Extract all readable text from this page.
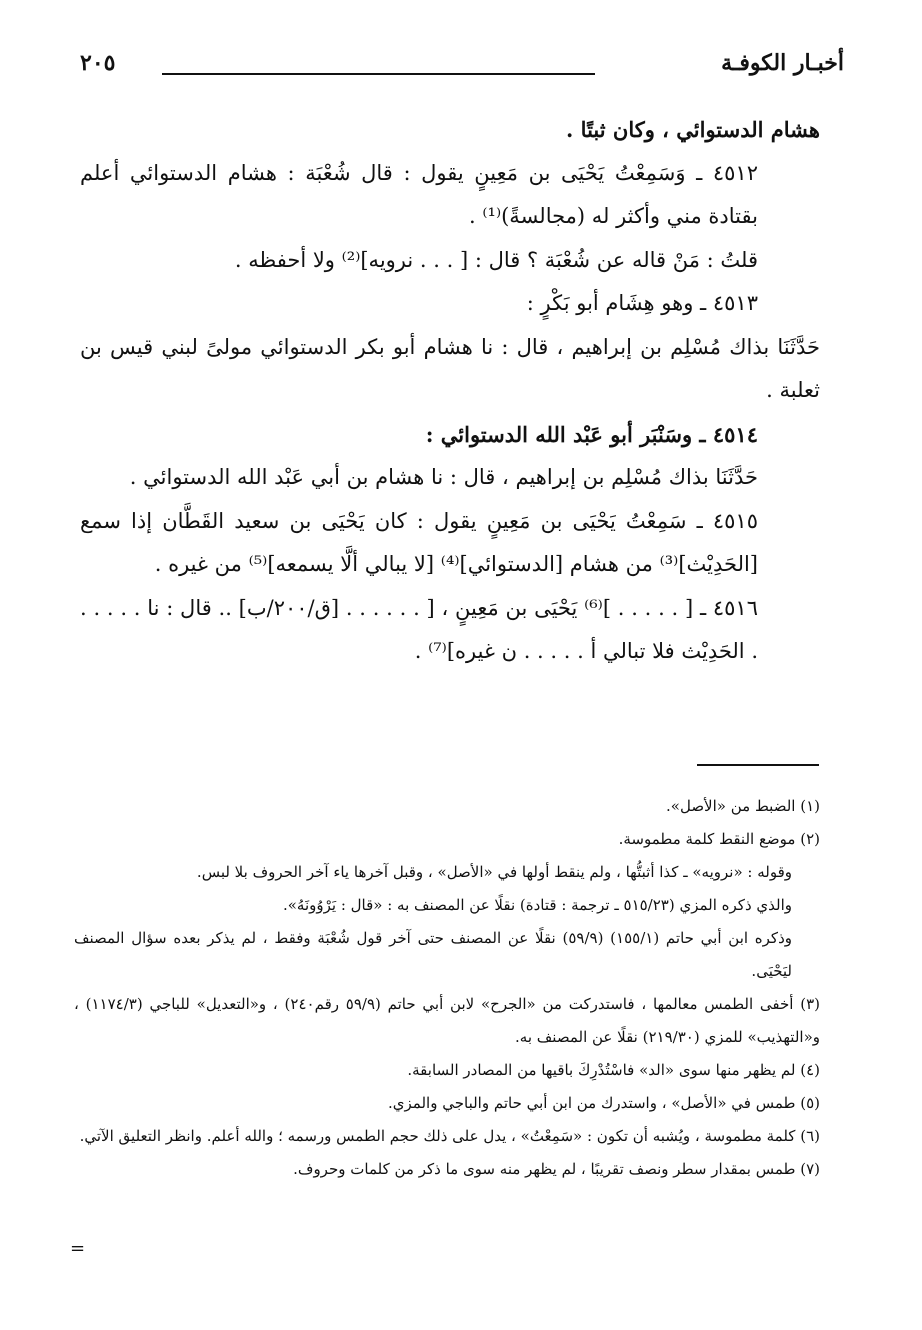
أخبـار الكوفـة
٢٠٥

هشام الدستوائي ، وكان ثبتًا .

٤٥١٢ ـ وَسَمِعْتُ يَحْيَى بن مَعِينٍ يقول : قال شُعْبَة : هشام الدستوائي أعلم بقتادة مني وأكثر له (مجالسةً)⁽¹⁾ .

قلتُ : مَنْ قاله عن شُعْبَة ؟ قال : [ . . . نرويه]⁽²⁾ ولا أحفظه .

٤٥١٣ ـ وهو هِشَام أبو بَكْرٍ :

حَدَّثَنَا بذاك مُسْلِم بن إبراهيم ، قال : نا هشام أبو بكر الدستوائي مولىً لبني قيس بن ثعلبة .

٤٥١٤ ـ وسَنْبَر أبو عَبْد الله الدستوائي :

حَدَّثَنَا بذاك مُسْلِم بن إبراهيم ، قال : نا هشام بن أبي عَبْد الله الدستوائي .

٤٥١٥ ـ سَمِعْتُ يَحْيَى بن مَعِينٍ يقول : كان يَحْيَى بن سعيد القَطَّان إذا سمع [الحَدِيْث]⁽³⁾ من هشام [الدستوائي]⁽⁴⁾ [لا يبالي ألَّا يسمعه]⁽⁵⁾ من غيره .

٤٥١٦ ـ [ . . . . . ]⁽⁶⁾ يَحْيَى بن مَعِينٍ ، [ . . . . . . [ق/٢٠٠/ب] .. قال : نا . . . . . . الحَدِيْث فلا تبالي أ . . . . . ن غيره]⁽⁷⁾ .

(١) الضبط من «الأصل».

(٢) موضع النقط كلمة مطموسة.

وقوله : «نرويه» ـ كذا أثبتُّها ، ولم ينقط أولها في «الأصل» ، وقبل آخرها ياء آخر الحروف بلا لبس.

والذي ذكره المزي (٥١٥/٢٣ ـ ترجمة : قتادة) نقلًا عن المصنف به : «قال : يَرْوُونَهُ».

وذكره ابن أبي حاتم (١٥٥/١) (٥٩/٩) نقلًا عن المصنف حتى آخر قول شُعْبَة وفقط ، لم يذكر بعده سؤال المصنف ليَحْيَى.

(٣) أخفى الطمس معالمها ، فاستدركت من «الجرح» لابن أبي حاتم (٥٩/٩ رقم٢٤٠) ، و«التعديل» للباجي (١١٧٤/٣) ، و«التهذيب» للمزي (٢١٩/٣٠) نقلًا عن المصنف به.

(٤) لم يظهر منها سوى «الد» فاسْتُدْرِكَ باقيها من المصادر السابقة.

(٥) طمس في «الأصل» ، واستدرك من ابن أبي حاتم والباجي والمزي.

(٦) كلمة مطموسة ، ويُشبه أن تكون : «سَمِعْتُ» ، يدل على ذلك حجم الطمس ورسمه ؛ والله أعلم. وانظر التعليق الآتي.

(٧) طمس بمقدار سطر ونصف تقريبًا ، لم يظهر منه سوى ما ذكر من كلمات وحروف.

=
